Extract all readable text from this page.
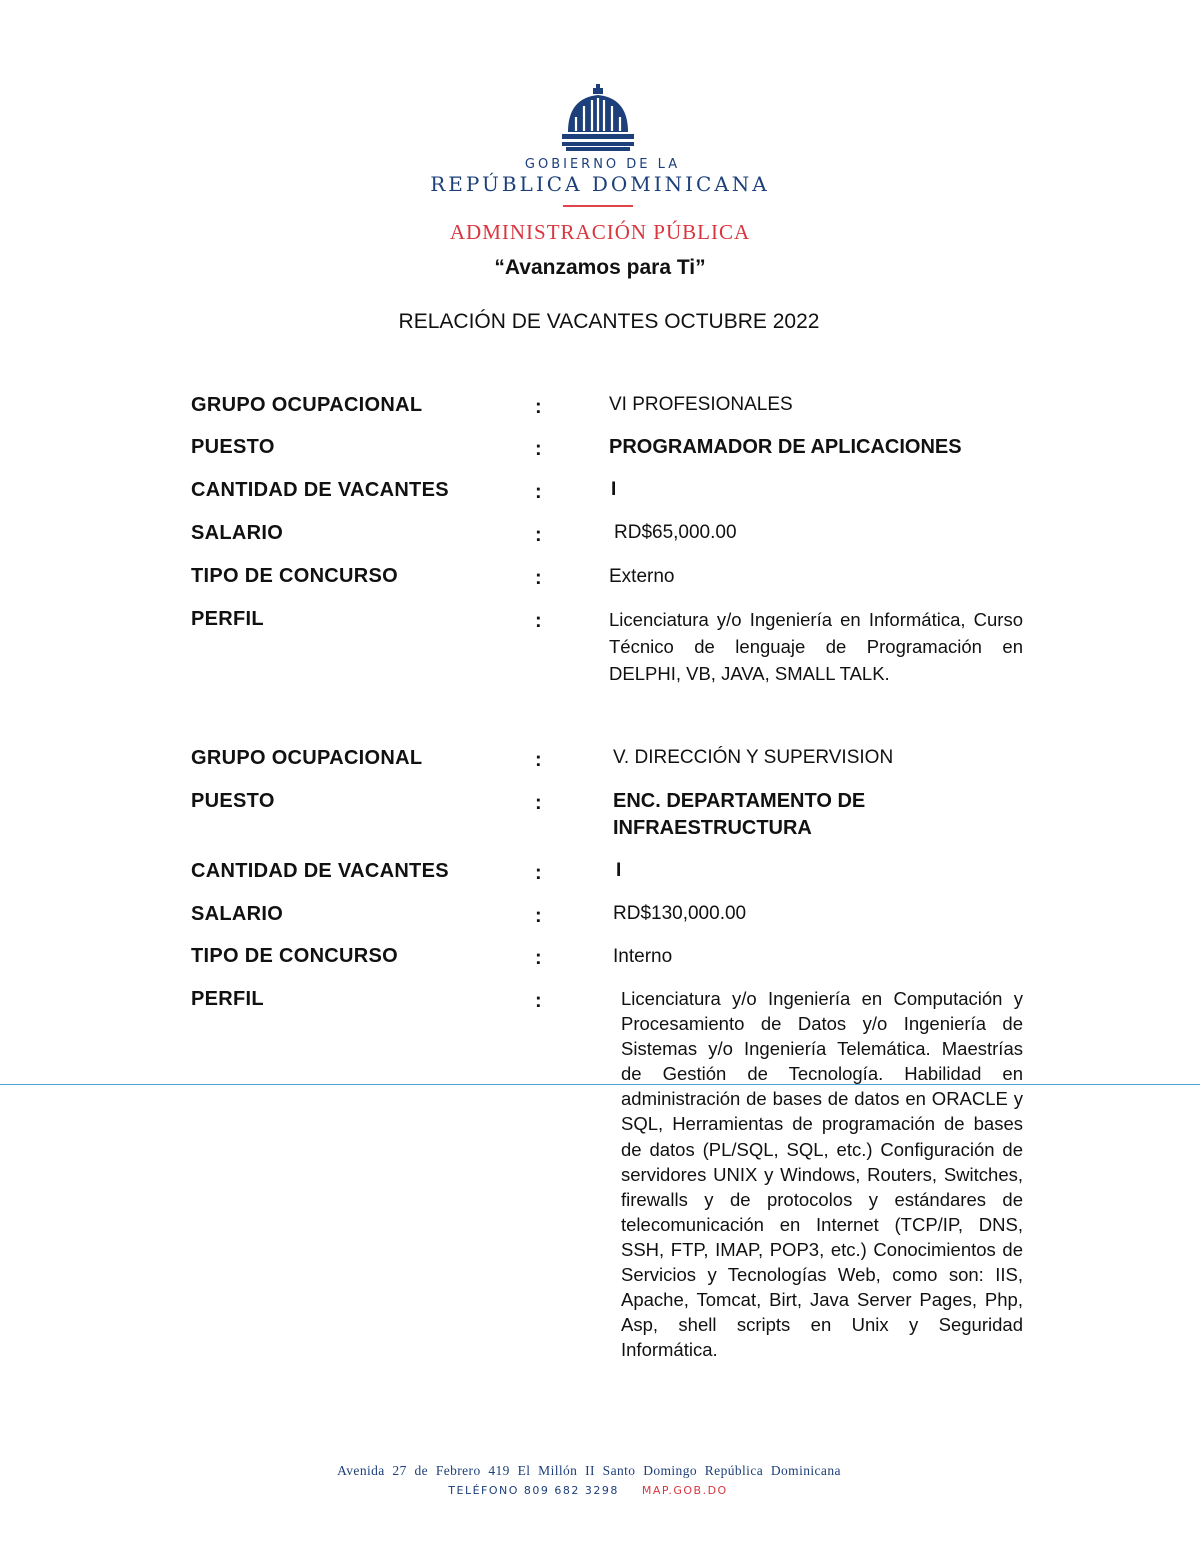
GOBIERNO DE LA
REPÚBLICA DOMINICANA
ADMINISTRACIÓN PÚBLICA
“Avanzamos para Ti”
RELACIÓN DE VACANTES OCTUBRE 2022
GRUPO OCUPACIONAL	:	VI PROFESIONALES
PUESTO	:	PROGRAMADOR DE APLICACIONES
CANTIDAD DE VACANTES	:	I
SALARIO	:	RD$65,000.00
TIPO DE CONCURSO	:	Externo
PERFIL	:	Licenciatura y/o Ingeniería en Informática, Curso Técnico de lenguaje de Programación en DELPHI, VB, JAVA, SMALL TALK.
GRUPO OCUPACIONAL	:	V. DIRECCIÓN Y SUPERVISION
PUESTO	:	ENC. DEPARTAMENTO DE INFRAESTRUCTURA
CANTIDAD DE VACANTES	:	I
SALARIO	:	RD$130,000.00
TIPO DE CONCURSO	:	Interno
PERFIL	:	Licenciatura y/o Ingeniería en Computación y Procesamiento de Datos y/o Ingeniería de Sistemas y/o Ingeniería Telemática. Maestrías de Gestión de Tecnología. Habilidad en administración de bases de datos en ORACLE y SQL, Herramientas de programación de bases de datos (PL/SQL, SQL, etc.) Configuración de servidores UNIX y Windows, Routers, Switches, firewalls y de protocolos y estándares de telecomunicación en Internet (TCP/IP, DNS, SSH, FTP, IMAP, POP3, etc.) Conocimientos de Servicios y Tecnologías Web, como son: IIS, Apache, Tomcat, Birt, Java Server Pages, Php, Asp, shell scripts en Unix y Seguridad Informática.
Avenida 27 de Febrero 419 El Millón II Santo Domingo República Dominicana
TELÉFONO 809 682 3298 MAP.GOB.DO
